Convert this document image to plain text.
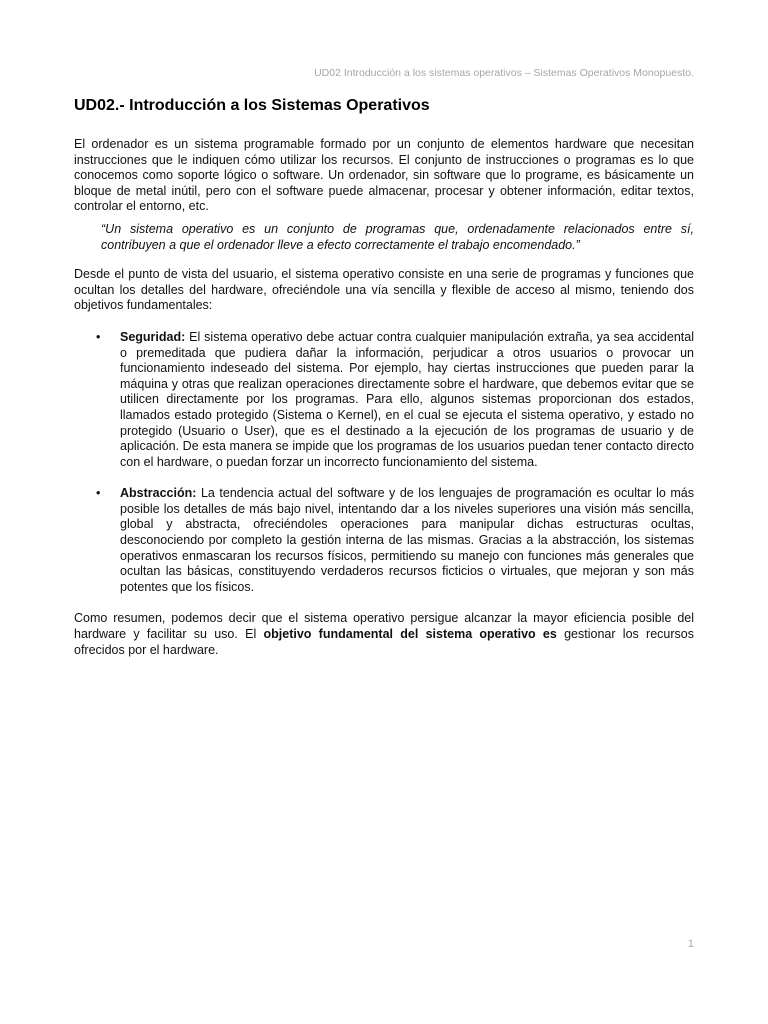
UD02 Introducción a los sistemas operativos – Sistemas Operativos Monopuesto.
UD02.- Introducción a los Sistemas Operativos

El ordenador es un sistema programable formado por un conjunto de elementos hardware que necesitan instrucciones que le indiquen cómo utilizar los recursos. El conjunto de instrucciones o programas es lo que conocemos como soporte lógico o software. Un ordenador, sin software que lo programe, es básicamente un bloque de metal inútil, pero con el software puede almacenar, procesar y obtener información, editar textos, controlar el entorno, etc.

“Un sistema operativo es un conjunto de programas que, ordenadamente relacionados entre sí, contribuyen a que el ordenador lleve a efecto correctamente el trabajo encomendado.”

Desde el punto de vista del usuario, el sistema operativo consiste en una serie de programas y funciones que ocultan los detalles del hardware, ofreciéndole una vía sencilla y flexible de acceso al mismo, teniendo dos objetivos fundamentales:

• Seguridad: El sistema operativo debe actuar contra cualquier manipulación extraña, ya sea accidental o premeditada que pudiera dañar la información, perjudicar a otros usuarios o provocar un funcionamiento indeseado del sistema. Por ejemplo, hay ciertas instrucciones que pueden parar la máquina y otras que realizan operaciones directamente sobre el hardware, que debemos evitar que se utilicen directamente por los programas. Para ello, algunos sistemas proporcionan dos estados, llamados estado protegido (Sistema o Kernel), en el cual se ejecuta el sistema operativo, y estado no protegido (Usuario o User), que es el destinado a la ejecución de los programas de usuario y de aplicación. De esta manera se impide que los programas de los usuarios puedan tener contacto directo con el hardware, o puedan forzar un incorrecto funcionamiento del sistema.

• Abstracción: La tendencia actual del software y de los lenguajes de programación es ocultar lo más posible los detalles de más bajo nivel, intentando dar a los niveles superiores una visión más sencilla, global y abstracta, ofreciéndoles operaciones para manipular dichas estructuras ocultas, desconociendo por completo la gestión interna de las mismas. Gracias a la abstracción, los sistemas operativos enmascaran los recursos físicos, permitiendo su manejo con funciones más generales que ocultan las básicas, constituyendo verdaderos recursos ficticios o virtuales, que mejoran y son más potentes que los físicos.

Como resumen, podemos decir que el sistema operativo persigue alcanzar la mayor eficiencia posible del hardware y facilitar su uso. El objetivo fundamental del sistema operativo es gestionar los recursos ofrecidos por el hardware.

1
